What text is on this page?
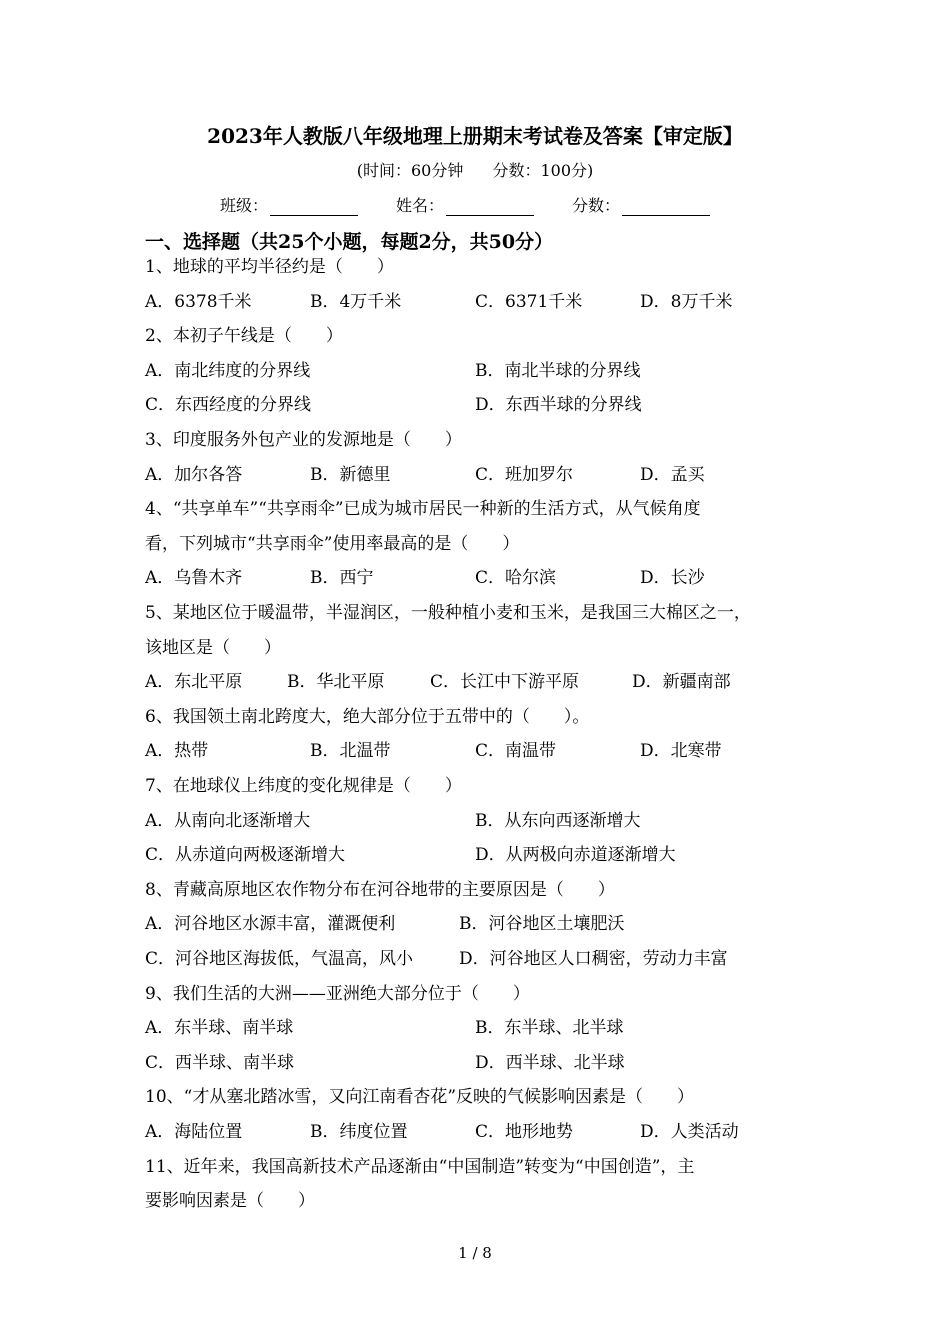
2023年人教版八年级地理上册期末考试卷及答案【审定版】
(时间：60分钟 分数：100分)
班级：	姓名：	分数：
一、选择题（共25个小题，每题2分，共50分）
1、地球的平均半径约是（　　）
A．6378千米	B．4万千米	C．6371千米	D．8万千米
2、本初子午线是（　　）
A．南北纬度的分界线	B．南北半球的分界线
C．东西经度的分界线	D．东西半球的分界线
3、印度服务外包产业的发源地是（　　）
A．加尔各答	B．新德里	C．班加罗尔	D．孟买
4、“共享单车”“共享雨伞”已成为城市居民一种新的生活方式，从气候角度
看，下列城市“共享雨伞”使用率最高的是（　　）
A．乌鲁木齐	B．西宁	C．哈尔滨	D．长沙
5、某地区位于暖温带，半湿润区，一般种植小麦和玉米，是我国三大棉区之一，
该地区是（　　）
A．东北平原	B．华北平原	C．长江中下游平原	D．新疆南部
6、我国领土南北跨度大，绝大部分位于五带中的（　　）。
A．热带	B．北温带	C．南温带	D．北寒带
7、在地球仪上纬度的变化规律是（　　）
A．从南向北逐渐增大	B．从东向西逐渐增大
C．从赤道向两极逐渐增大	D．从两极向赤道逐渐增大
8、青藏高原地区农作物分布在河谷地带的主要原因是（　　）
A．河谷地区水源丰富，灌溉便利	B．河谷地区土壤肥沃
C．河谷地区海拔低，气温高，风小	D．河谷地区人口稠密，劳动力丰富
9、我们生活的大洲——亚洲绝大部分位于（　　）
A．东半球、南半球	B．东半球、北半球
C．西半球、南半球	D．西半球、北半球
10、“才从塞北踏冰雪，又向江南看杏花”反映的气候影响因素是（　　）
A．海陆位置	B．纬度位置	C．地形地势	D．人类活动
11、近年来，我国高新技术产品逐渐由“中国制造”转变为“中国创造”，主
要影响因素是（　　）
1 / 8
